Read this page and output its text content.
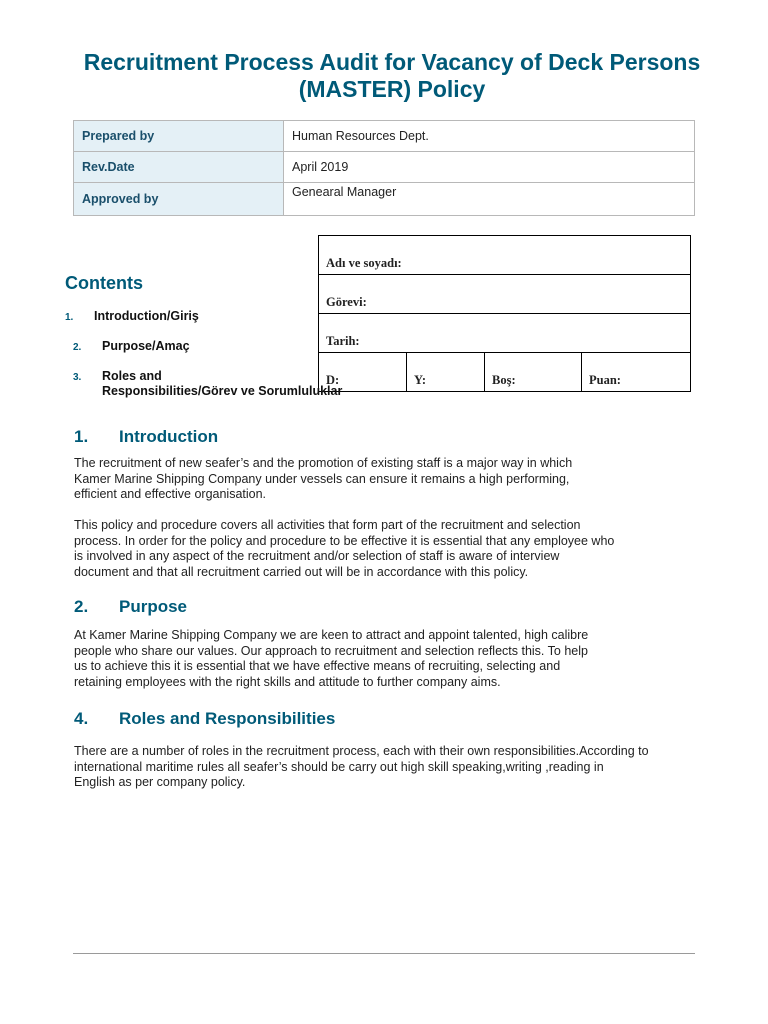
Recruitment Process Audit for Vacancy of Deck Persons (MASTER) Policy
Prepared by	Human Resources Dept.
Rev.Date	April 2019
Approved by	Genearal Manager
Adı ve soyadı:
Görevi:
Tarih:
D:	Y:	Boş:	Puan:
Contents
1. Introduction/Giriş
2. Purpose/Amaç
3. Roles and
Responsibilities/Görev ve Sorumluluklar
1. Introduction

The recruitment of new seafer’s and the promotion of existing staff is a major way in which
Kamer Marine Shipping Company under vessels can ensure it remains a high performing,
efficient and effective organisation.

This policy and procedure covers all activities that form part of the recruitment and selection
process. In order for the policy and procedure to be effective it is essential that any employee who
is involved in any aspect of the recruitment and/or selection of staff is aware of interview
document and that all recruitment carried out will be in accordance with this policy.

2. Purpose

At Kamer Marine Shipping Company we are keen to attract and appoint talented, high calibre
people who share our values. Our approach to recruitment and selection reflects this. To help
us to achieve this it is essential that we have effective means of recruiting, selecting and
retaining employees with the right skills and attitude to further company aims.

4. Roles and Responsibilities

There are a number of roles in the recruitment process, each with their own responsibilities.According to
international maritime rules all seafer’s should be carry out high skill speaking,writing ,reading in
English as per company policy.
